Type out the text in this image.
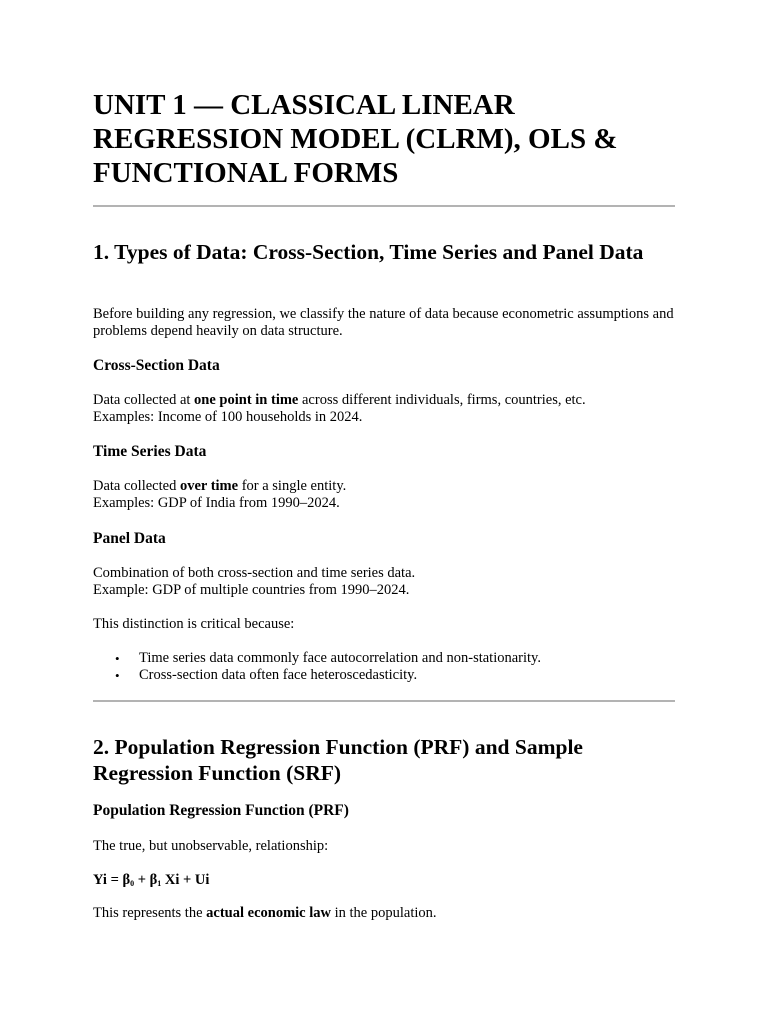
UNIT 1 — CLASSICAL LINEAR REGRESSION MODEL (CLRM), OLS & FUNCTIONAL FORMS
1. Types of Data: Cross-Section, Time Series and Panel Data

Before building any regression, we classify the nature of data because econometric assumptions and problems depend heavily on data structure.

Cross-Section Data

Data collected at one point in time across different individuals, firms, countries, etc.
Examples: Income of 100 households in 2024.

Time Series Data

Data collected over time for a single entity.
Examples: GDP of India from 1990–2024.

Panel Data

Combination of both cross-section and time series data.
Example: GDP of multiple countries from 1990–2024.

This distinction is critical because:

• Time series data commonly face autocorrelation and non-stationarity.
• Cross-section data often face heteroscedasticity.
2. Population Regression Function (PRF) and Sample Regression Function (SRF)
Population Regression Function (PRF)

The true, but unobservable, relationship:

$Yi = \beta_0 + \beta_1$ Xi + Ui

This represents the actual economic law in the population.
